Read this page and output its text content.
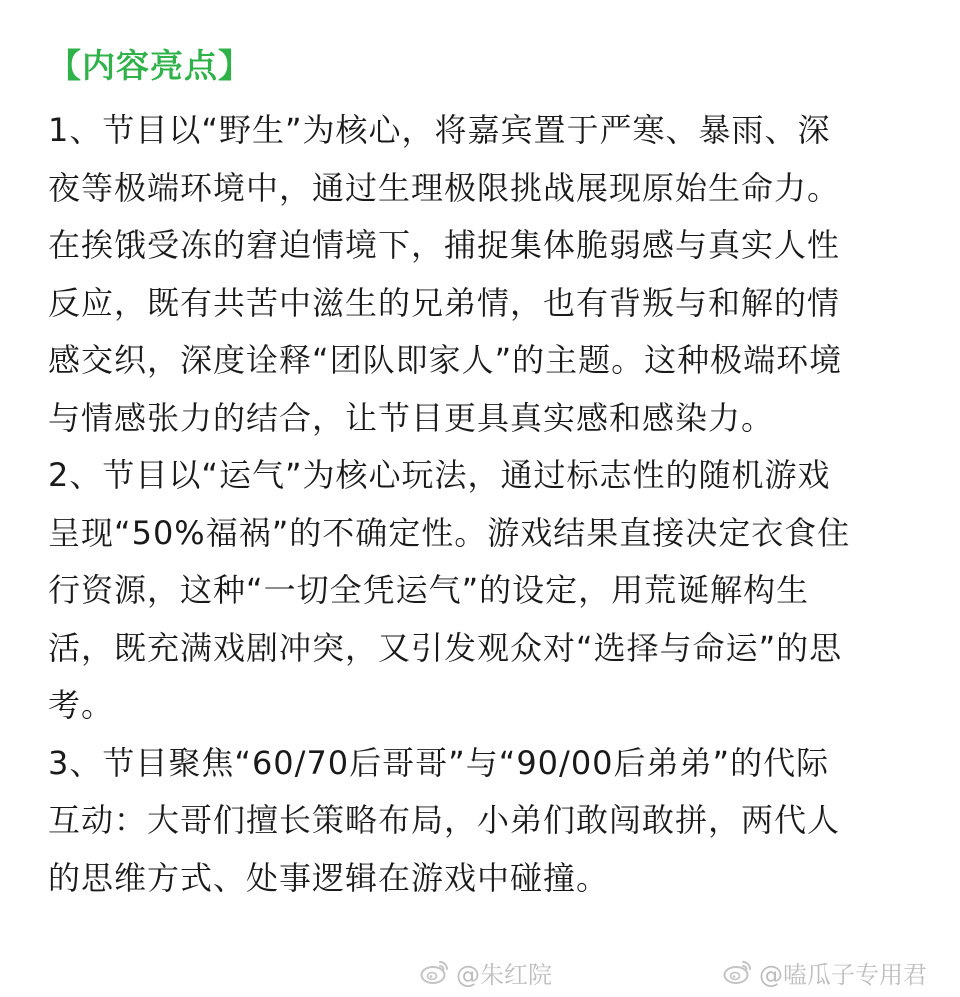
【内容亮点】
1、节目以“野生”为核心，将嘉宾置于严寒、暴雨、深
夜等极端环境中，通过生理极限挑战展现原始生命力。
在挨饿受冻的窘迫情境下，捕捉集体脆弱感与真实人性
反应，既有共苦中滋生的兄弟情，也有背叛与和解的情
感交织，深度诠释“团队即家人”的主题。这种极端环境
与情感张力的结合，让节目更具真实感和感染力。
2、节目以“运气”为核心玩法，通过标志性的随机游戏
呈现“50%福祸”的不确定性。游戏结果直接决定衣食住
行资源，这种“一切全凭运气”的设定，用荒诞解构生
活，既充满戏剧冲突，又引发观众对“选择与命运”的思
考。
3、节目聚焦“60/70后哥哥”与“90/00后弟弟”的代际
互动：大哥们擅长策略布局，小弟们敢闯敢拼，两代人
的思维方式、处事逻辑在游戏中碰撞。
@朱红院	@嗑瓜子专用君
